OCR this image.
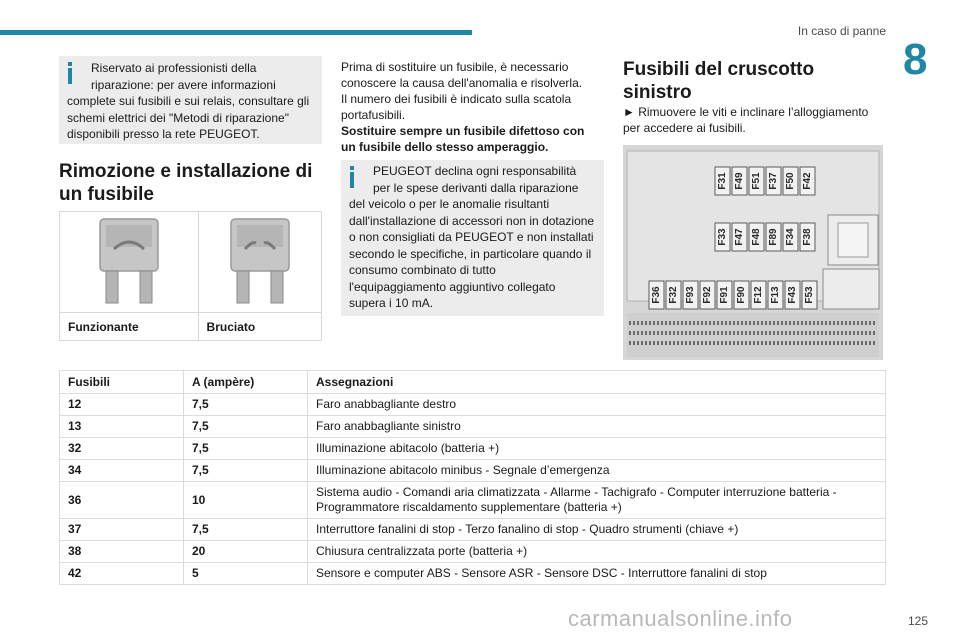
In caso di panne
8

Riservato ai professionisti della

riparazione: per avere informazioni

complete sui fusibili e sui relais, consultare gli

schemi elettrici dei "Metodi di riparazione"

disponibili presso la rete PEUGEOT.

Rimozione e installazione di
un fusibile

Funzionante	Bruciato
Prima di sostituire un fusibile, è necessario
conoscere la causa dell'anomalia e risolverla.
Il numero dei fusibili è indicato sulla scatola
portafusibili.
Sostituire sempre un fusibile difettoso con
un fusibile dello stesso amperaggio.

PEUGEOT declina ogni responsabilità

per le spese derivanti dalla riparazione

del veicolo o per le anomalie risultanti

dall'installazione di accessori non in dotazione

o non consigliati da PEUGEOT e non installati

secondo le specifiche, in particolare quando il

consumo combinato di tutto

l'equipaggiamento aggiuntivo collegato

supera i 10 mA.

Fusibili del cruscotto
sinistro
► Rimuovere le viti e inclinare l’alloggiamento
per accedere ai fusibili.
F31 F49 F51 F37 F50 F42
F33 F47 F48 F89 F34 F38
F36 F32 F93 F92 F91 F90 F12 F13 F43 F53
Fusibili	A (ampère)	Assegnazioni
12	7,5	Faro anabbagliante destro

13	7,5	Faro anabbagliante sinistro

32	7,5	Illuminazione abitacolo (batteria +)

34	7,5	Illuminazione abitacolo minibus - Segnale d’emergenza

36	10	Sistema audio - Comandi aria climatizzata - Allarme - Tachigrafo - Computer interruzione batteria -
Programmatore riscaldamento supplementare (batteria +)

37	7,5	Interruttore fanalini di stop - Terzo fanalino di stop - Quadro strumenti (chiave +)

38	20	Chiusura centralizzata porte (batteria +)

42	5	Sensore e computer ABS - Sensore ASR - Sensore DSC - Interruttore fanalini di stop
carmanualsonline.info	125
